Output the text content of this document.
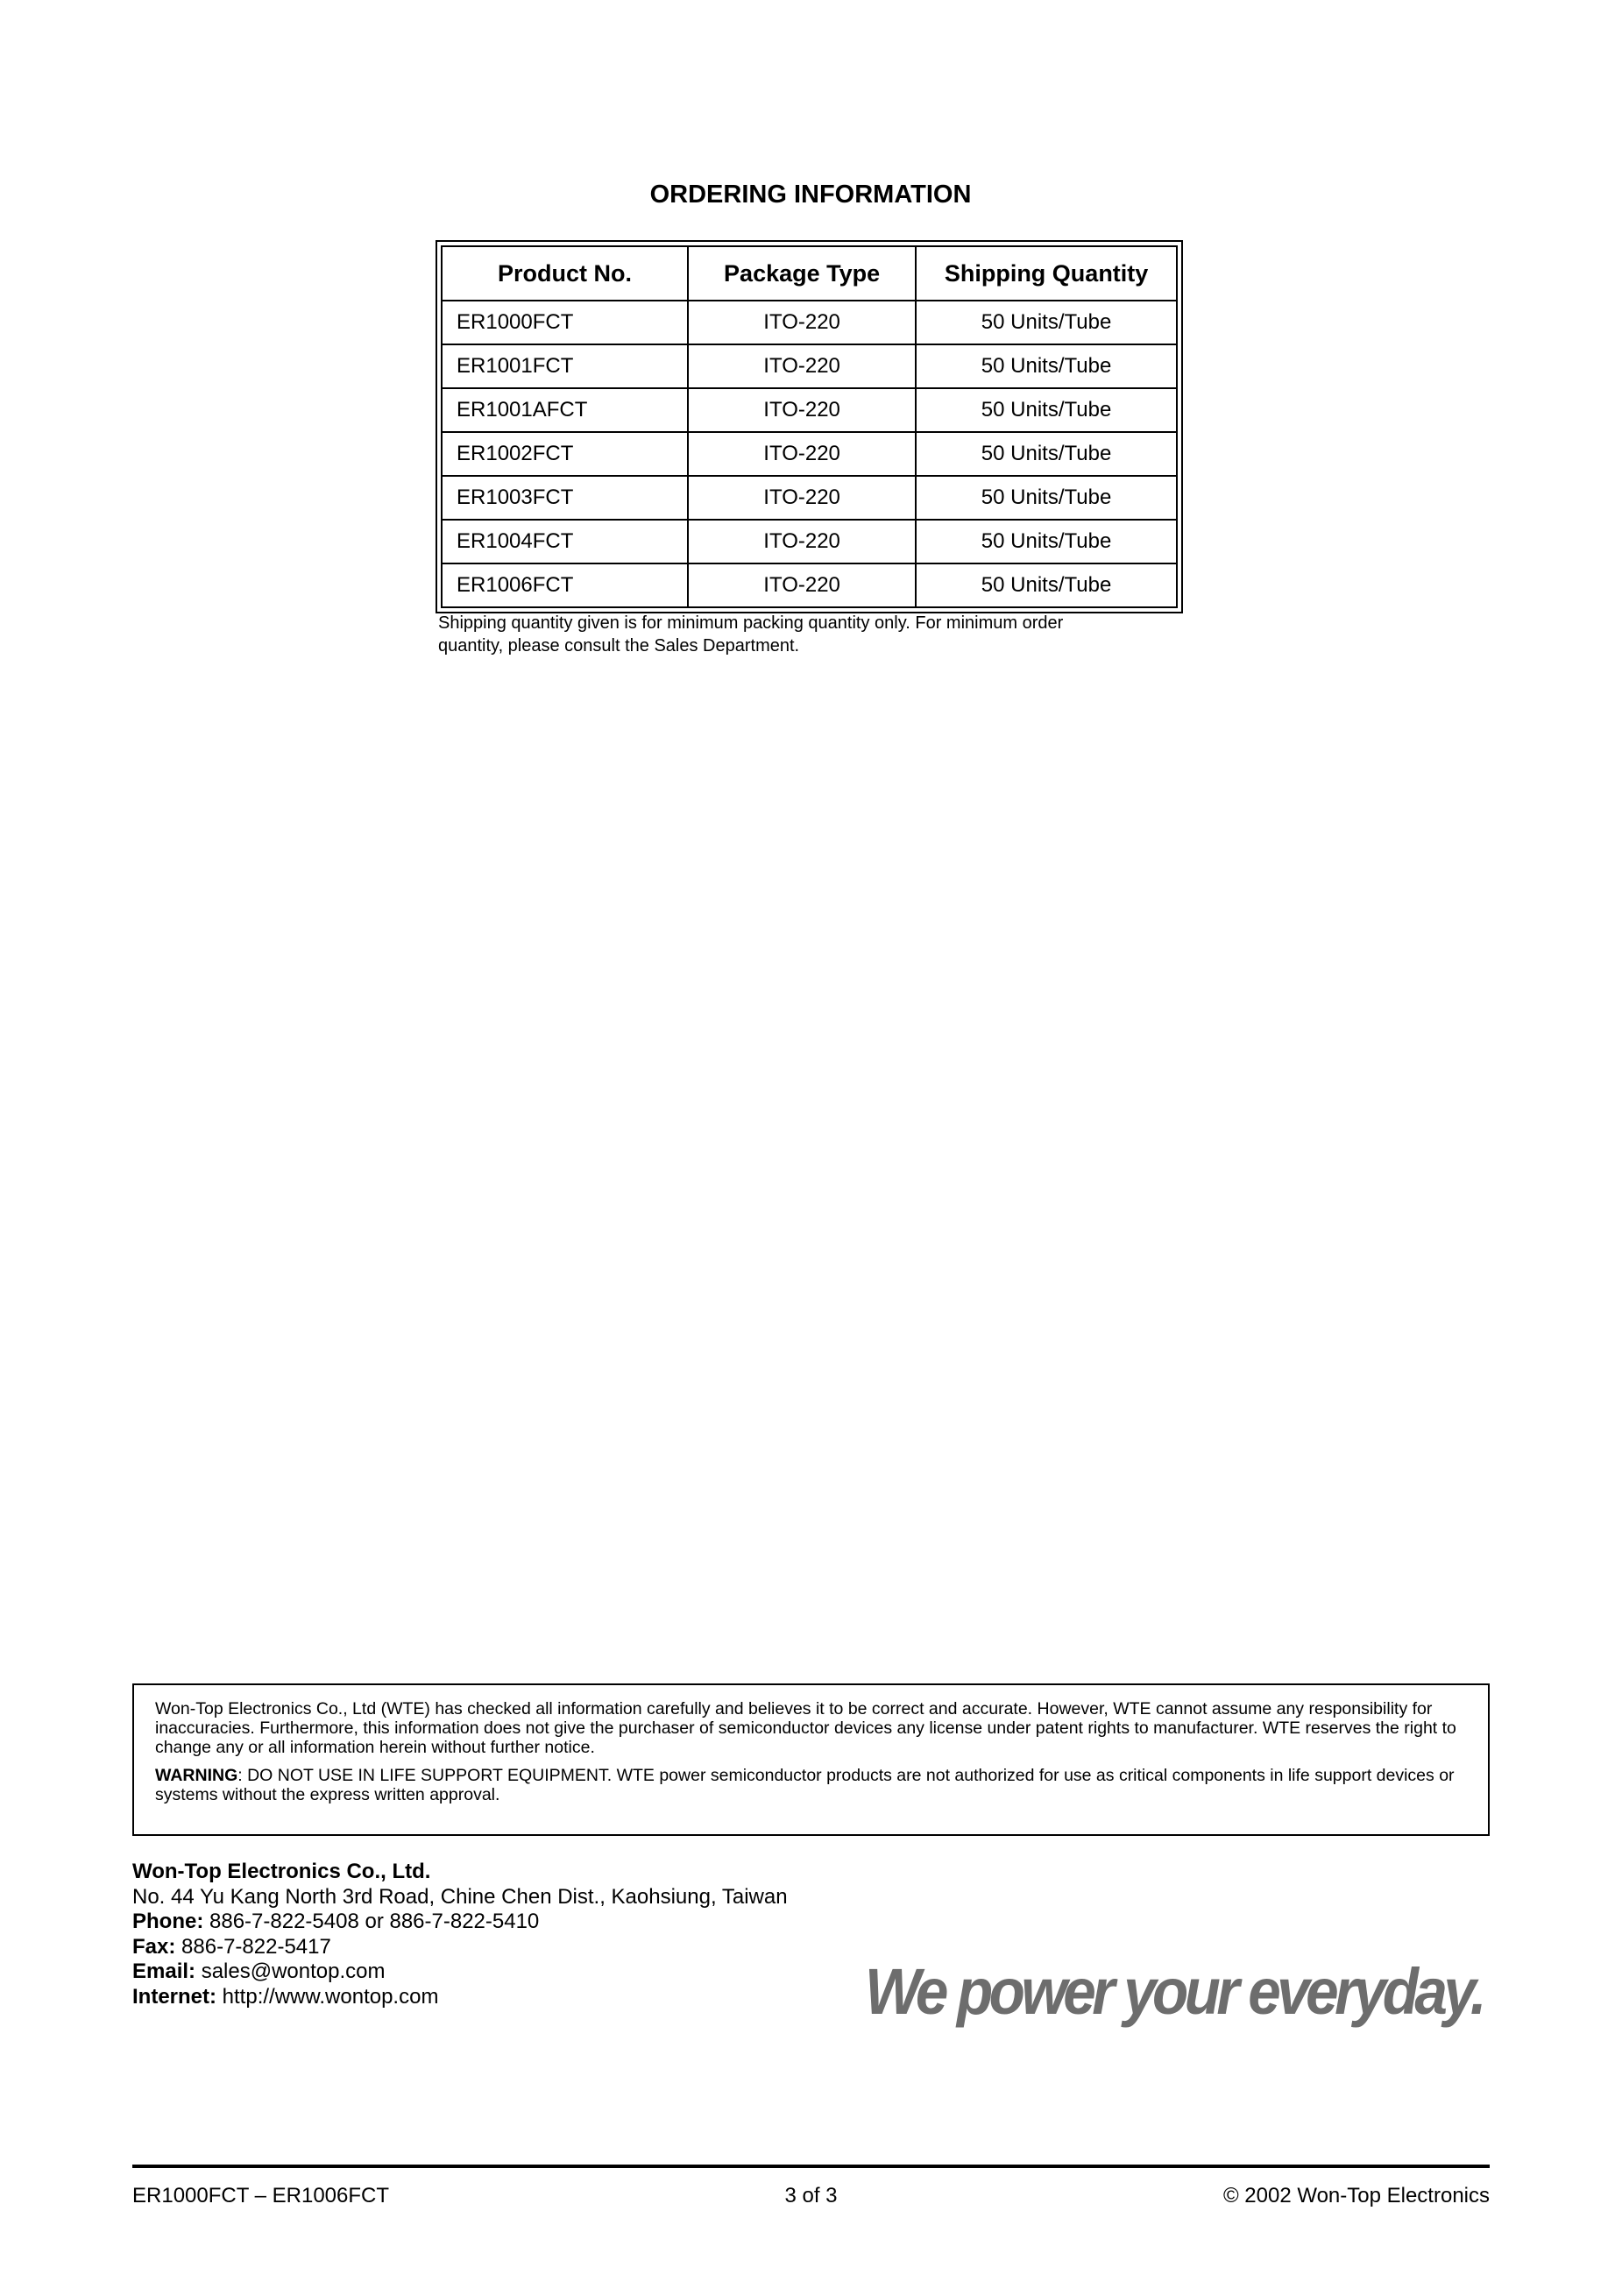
ORDERING INFORMATION
Product No.	Package Type	Shipping Quantity
ER1000FCT	ITO-220	50 Units/Tube
ER1001FCT	ITO-220	50 Units/Tube
ER1001AFCT	ITO-220	50 Units/Tube
ER1002FCT	ITO-220	50 Units/Tube
ER1003FCT	ITO-220	50 Units/Tube
ER1004FCT	ITO-220	50 Units/Tube
ER1006FCT	ITO-220	50 Units/Tube
Shipping quantity given is for minimum packing quantity only. For minimum order
quantity, please consult the Sales Department.

Won-Top Electronics Co., Ltd (WTE) has checked all information carefully and believes it to be correct and accurate. However, WTE cannot assume any responsibility for inaccuracies. Furthermore, this information does not give the purchaser of semiconductor devices any license under patent rights to manufacturer. WTE reserves the right to change any or all information herein without further notice.

WARNING: DO NOT USE IN LIFE SUPPORT EQUIPMENT. WTE power semiconductor products are not authorized for use as critical components in life support devices or systems without the express written approval.

Won-Top Electronics Co., Ltd.
No. 44 Yu Kang North 3rd Road, Chine Chen Dist., Kaohsiung, Taiwan
Phone: 886-7-822-5408 or 886-7-822-5410
Fax: 886-7-822-5417
Email: sales@wontop.com
Internet: http://www.wontop.com	We power your everyday.
ER1000FCT – ER1006FCT	3 of 3	© 2002 Won-Top Electronics
